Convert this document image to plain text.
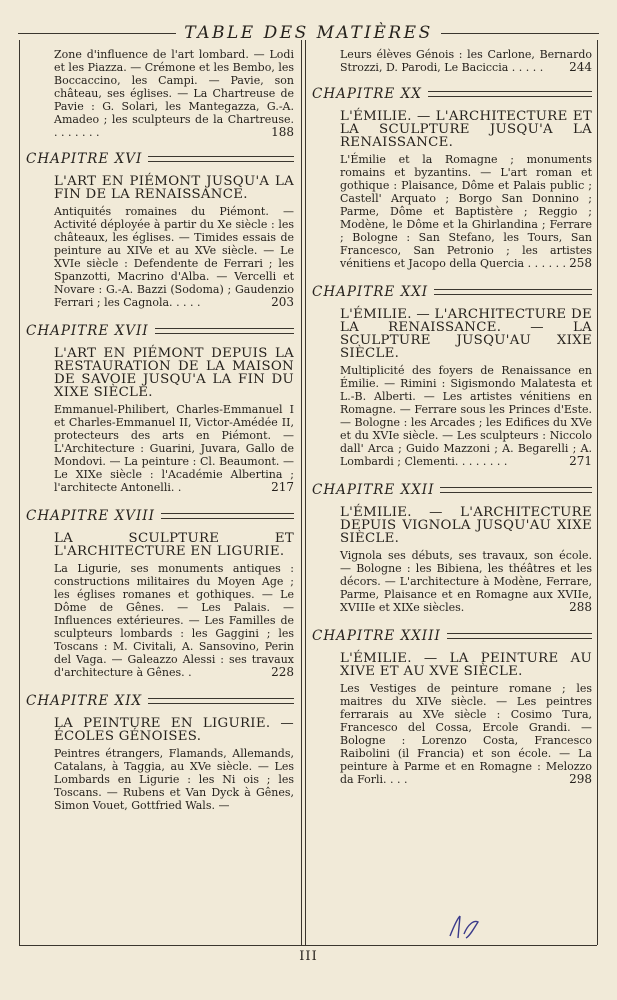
TABLE DES MATIÈRES
Zone d'influence de l'art lombard. — Lodi et les Piazza. — Crémone et les Bembo, les Boccaccino, les Campi. — Pavie, son château, ses églises. — La Chartreuse de Pavie : G. Solari, les Mantegazza, G.-A. Amadeo ; les sculpteurs de la Chartreuse. . . . . . . .	188
CHAPITRE XVI
L'ART EN PIÉMONT JUSQU'A LA FIN DE LA RENAISSANCE.
Antiquités romaines du Piémont. — Activité déployée à partir du Xe siècle : les châteaux, les églises. — Timides essais de peinture au XIVe et au XVe siècle. — Le XVIe siècle : Defendente de Ferrari ; les Spanzotti, Macrino d'Alba. — Vercelli et Novare : G.-A. Bazzi (Sodoma) ; Gaudenzio Ferrari ; les Cagnola. . . . .	203
CHAPITRE XVII
L'ART EN PIÉMONT DEPUIS LA RESTAURATION DE LA MAISON DE SAVOIE JUSQU'A LA FIN DU XIXE SIÈCLE.
Emmanuel-Philibert, Charles-Emmanuel I et Charles-Emmanuel II, Victor-Amédée II, protecteurs des arts en Piémont. — L'Architecture : Guarini, Juvara, Gallo de Mondovi. — La peinture : Cl. Beaumont. — Le XIXe siècle : l'Académie Albertina ; l'architecte Antonelli. .	217
CHAPITRE XVIII
LA SCULPTURE ET L'ARCHITECTURE EN LIGURIE.
La Ligurie, ses monuments antiques : constructions militaires du Moyen Age ; les églises romanes et gothiques. — Le Dôme de Gênes. — Les Palais. — Influences extérieures. — Les Familles de sculpteurs lombards : les Gaggini ; les Toscans : M. Civitali, A. Sansovino, Perin del Vaga. — Galeazzo Alessi : ses travaux d'architecture à Gênes. .	228
CHAPITRE XIX
LA PEINTURE EN LIGURIE. — ÉCOLES GÉNOISES.
Peintres étrangers, Flamands, Allemands, Catalans, à Taggia, au XVe siècle. — Les Lombards en Ligurie : les Ni ois ; les Toscans. — Rubens et Van Dyck à Gênes, Simon Vouet, Gottfried Wals. —
Leurs élèves Génois : les Carlone, Bernardo Strozzi, D. Parodi, Le Baciccia . . . . . 244
CHAPITRE XX
L'ÉMILIE. — L'ARCHITECTURE ET LA SCULPTURE JUSQU'A LA RENAISSANCE.
L'Émilie et la Romagne ; monuments romains et byzantins. — L'art roman et gothique : Plaisance, Dôme et Palais public ; Castell' Arquato ; Borgo San Donnino ; Parme, Dôme et Baptistère ; Reggio ; Modène, le Dôme et la Ghirlandina ; Ferrare ; Bologne : San Stefano, les Tours, San Francesco, San Petronio ; les artistes vénitiens et Jacopo della Quercia . . . . . . 258
CHAPITRE XXI
L'ÉMILIE. — L'ARCHITECTURE DE LA RENAISSANCE. — LA SCULPTURE JUSQU'AU XIXE SIÈCLE.
Multiplicité des foyers de Renaissance en Émilie. — Rimini : Sigismondo Malatesta et L.-B. Alberti. — Les artistes vénitiens en Romagne. — Ferrare sous les Princes d'Este. — Bologne : les Arcades ; les Edifices du XVe et du XVIe siècle. — Les sculpteurs : Niccolo dall' Arca ; Guido Mazzoni ; A. Begarelli ; A. Lombardi ; Clementi. . . . . . . .	271
CHAPITRE XXII
L'ÉMILIE. — L'ARCHITECTURE DEPUIS VIGNOLA JUSQU'AU XIXE SIÈCLE.
Vignola ses débuts, ses travaux, son école. — Bologne : les Bibiena, les théâtres et les décors. — L'architecture à Modène, Ferrare, Parme, Plaisance et en Romagne aux XVIIe, XVIIIe et XIXe siècles.	288
CHAPITRE XXIII
L'ÉMILIE. — LA PEINTURE AU XIVE ET AU XVE SIÈCLE.
Les Vestiges de peinture romane ; les maitres du XIVe siècle. — Les peintres ferrarais au XVe siècle : Cosimo Tura, Francesco del Cossa, Ercole Grandi. — Bologne : Lorenzo Costa, Francesco Raibolini (il Francia) et son école. — La peinture à Parme et en Romagne : Melozzo da Forli. . . .	298
III
